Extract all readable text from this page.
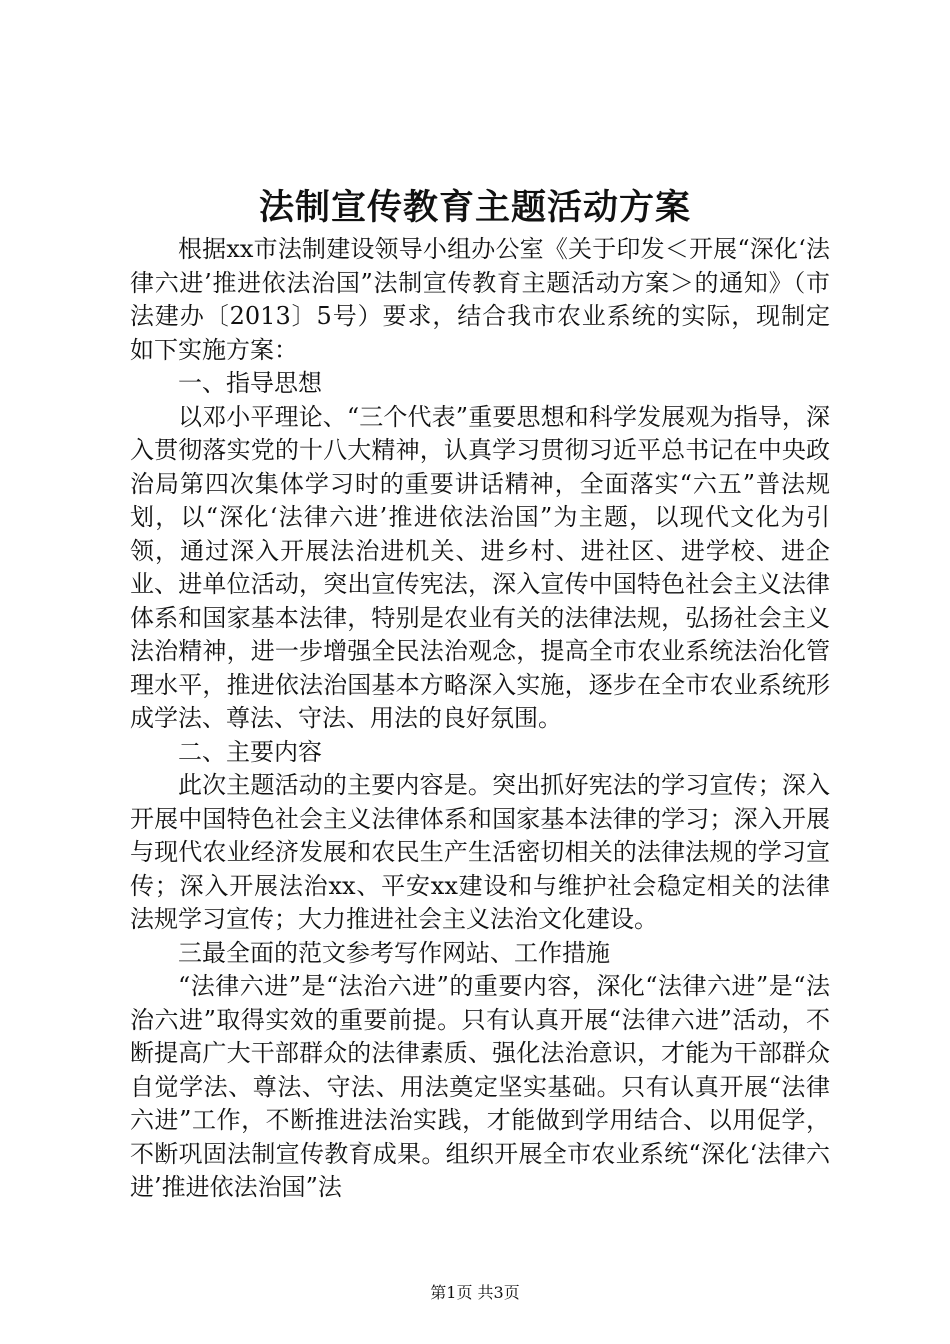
法制宣传教育主题活动方案

根据xx市法制建设领导小组办公室《关于印发＜开展“深化‘法律六进’推进依法治国”法制宣传教育主题活动方案＞的通知》（市法建办〔2013〕5号）要求，结合我市农业系统的实际，现制定如下实施方案：

一、指导思想

以邓小平理论、“三个代表”重要思想和科学发展观为指导，深入贯彻落实党的十八大精神，认真学习贯彻习近平总书记在中央政治局第四次集体学习时的重要讲话精神，全面落实“六五”普法规划，以“深化‘法律六进’推进依法治国”为主题，以现代文化为引领，通过深入开展法治进机关、进乡村、进社区、进学校、进企业、进单位活动，突出宣传宪法，深入宣传中国特色社会主义法律体系和国家基本法律，特别是农业有关的法律法规，弘扬社会主义法治精神，进一步增强全民法治观念，提高全市农业系统法治化管理水平，推进依法治国基本方略深入实施，逐步在全市农业系统形成学法、尊法、守法、用法的良好氛围。

二、主要内容

此次主题活动的主要内容是。突出抓好宪法的学习宣传；深入开展中国特色社会主义法律体系和国家基本法律的学习；深入开展与现代农业经济发展和农民生产生活密切相关的法律法规的学习宣传；深入开展法治xx、平安xx建设和与维护社会稳定相关的法律法规学习宣传；大力推进社会主义法治文化建设。

三最全面的范文参考写作网站、工作措施

“法律六进”是“法治六进”的重要内容，深化“法律六进”是“法治六进”取得实效的重要前提。只有认真开展“法律六进”活动，不断提高广大干部群众的法律素质、强化法治意识，才能为干部群众自觉学法、尊法、守法、用法奠定坚实基础。只有认真开展“法律六进”工作，不断推进法治实践，才能做到学用结合、以用促学，不断巩固法制宣传教育成果。组织开展全市农业系统“深化‘法律六进’推进依法治国”法

第1页 共3页
